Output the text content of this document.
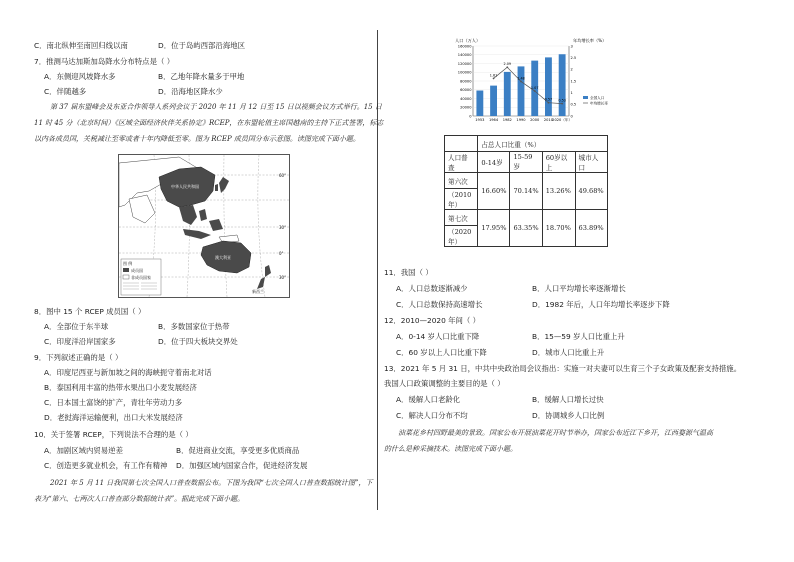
C．南北纵伸至南回归线以南	D．位于岛屿西部沿海地区
7．推测马达加斯加岛降水分布特点是（ ）
A．东侧迎风坡降水多	B．乙地年降水量多于甲地
C．伴随越多	D．沿海地区降水少
第 37 届东盟峰会及东亚合作领导人系列会议于 2020 年 11 月 12 日至 15 日以视频会议方式举行。15 日
11 时 45 分（北京时间）《区域全面经济伙伴关系协定》RCEP，在东盟轮值主席国越南的主持下正式签署，标志
以内各成员国，关税减让至零或者十年内降低至零。图为 RCEP 成员国分布示意图。读图完成下面小题。
中华人民共和国
澳大利亚
新西兰
60°
30°
0°
30°
图 例
成员国
非成员国家
8．图中 15 个 RCEP 成员国（ ）
A．全部位于东半球	B．多数国家位于热带
C．印度洋沿岸国家多	D．位于四大板块交界处
9．下列叙述正确的是（ ）
A．印度尼西亚与新加坡之间的海峡扼守着南北对话
B．泰国利用丰富的热带水果出口小麦发展经济
C．日本国土富饶的扩产，青壮年劳动力多
D．老挝海洋运输便利，出口大米发展经济
10．关于签署 RCEP，下列说法不合理的是（ ）
A．加剧区域内贸易逆差	B．促进商业交流，享受更多优质商品
C．创造更多就业机会，有工作有精神 D．加强区域内国家合作，促进经济发展
2021 年 5 月 11 日我国第七次全国人口普查数据公布。下图为我国“七次全国人口普查数据统计图”，下
表为“第六、七两次人口普查部分数据统计表”。据此完成下面小题。
人口（万人）	年均增长率（%）
0
20000
40000
60000
80000
100000
120000
140000
160000
0
0.5
1
1.5
2
2.5
3
1953 1964 1982 1990 2000 2010 2020（年）
1.61
2.09
1.48
1.07
0.57 0.53
全国人口
年均增长率
	占总人口比重（%）			
人口普查	0-14岁	15-59岁	60岁以上	城市人口
第六次	16.60%	70.14%	13.26%	49.68%
（2010年）				
第七次	17.95%	63.35%	18.70%	63.89%
（2020年）				
11．我国（ ）
A．人口总数逐渐减少	B．人口平均增长率逐渐增长
C．人口总数保持高速增长	D．1982 年后，人口年均增长率逐步下降
12．2010—2020 年间（ ）
A．0-14 岁人口比重下降	B．15—59 岁人口比重上升
C．60 岁以上人口比重下降	D．城市人口比重上升
13．2021 年 5 月 31 日，中共中央政治局会议指出：实施一对夫妻可以生育三个子女政策及配套支持措施。
我国人口政策调整的主要目的是（ ）
A．缓解人口老龄化	B．缓解人口增长过快
C．解决人口分布不均	D．协调城乡人口比例
油菜花乡村四野最美的景致。国家公布开展油菜花开时节举办，国家公布近江下乡开，江西婺源气温高
的什么是种采摘技术。读图完成下面小题。
